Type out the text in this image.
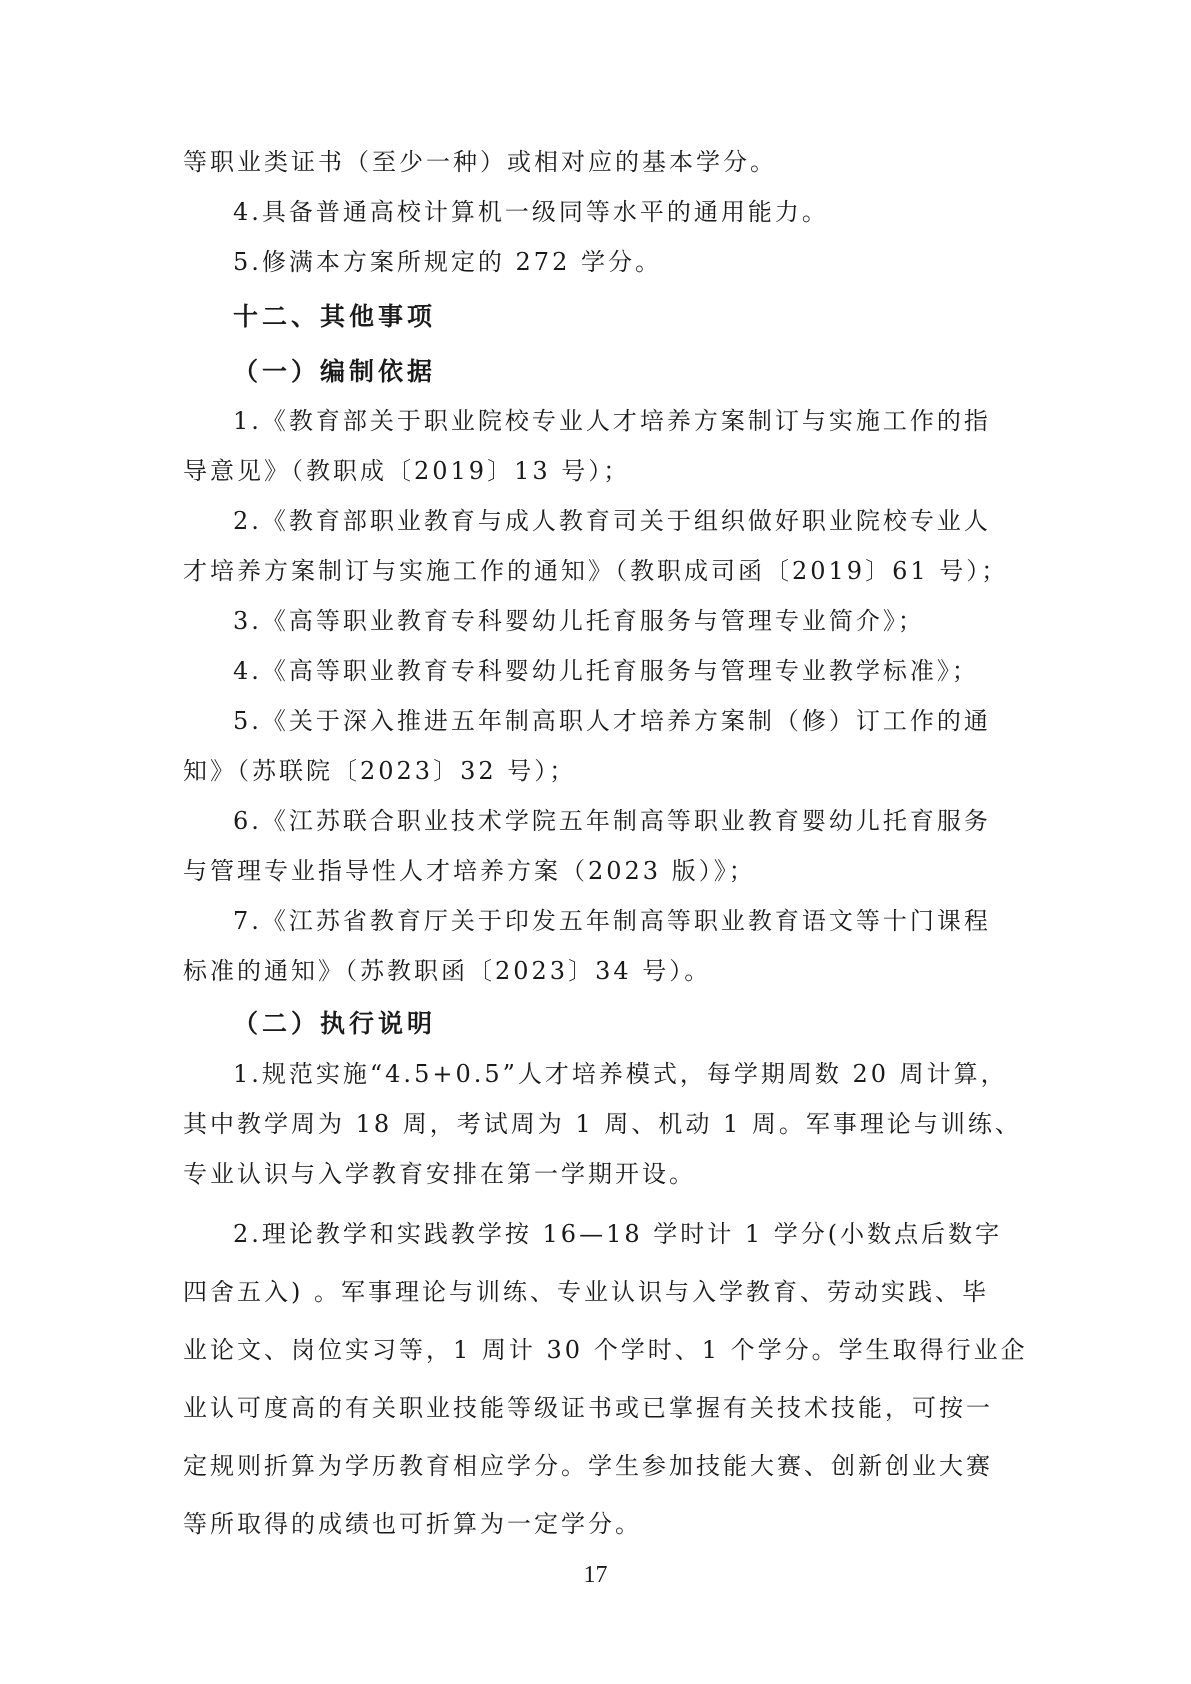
等职业类证书（至少一种）或相对应的基本学分。
4.具备普通高校计算机一级同等水平的通用能力。
5.修满本方案所规定的 272 学分。
十二、其他事项
（一）编制依据
1.《教育部关于职业院校专业人才培养方案制订与实施工作的指
导意见》（教职成〔2019〕13 号）；
2.《教育部职业教育与成人教育司关于组织做好职业院校专业人
才培养方案制订与实施工作的通知》（教职成司函〔2019〕61 号）；
3.《高等职业教育专科婴幼儿托育服务与管理专业简介》；
4.《高等职业教育专科婴幼儿托育服务与管理专业教学标准》；
5.《关于深入推进五年制高职人才培养方案制（修）订工作的通
知》（苏联院〔2023〕32 号）；
6.《江苏联合职业技术学院五年制高等职业教育婴幼儿托育服务
与管理专业指导性人才培养方案（2023 版）》；
7.《江苏省教育厅关于印发五年制高等职业教育语文等十门课程
标准的通知》（苏教职函〔2023〕34 号）。
（二）执行说明
1.规范实施“4.5+0.5”人才培养模式，每学期周数 20 周计算，
其中教学周为 18 周，考试周为 1 周、机动 1 周。军事理论与训练、
专业认识与入学教育安排在第一学期开设。
2.理论教学和实践教学按 16—18 学时计 1 学分(小数点后数字
四舍五入) 。军事理论与训练、专业认识与入学教育、劳动实践、毕
业论文、岗位实习等，1 周计 30 个学时、1 个学分。学生取得行业企
业认可度高的有关职业技能等级证书或已掌握有关技术技能，可按一
定规则折算为学历教育相应学分。学生参加技能大赛、创新创业大赛
等所取得的成绩也可折算为一定学分。
17
